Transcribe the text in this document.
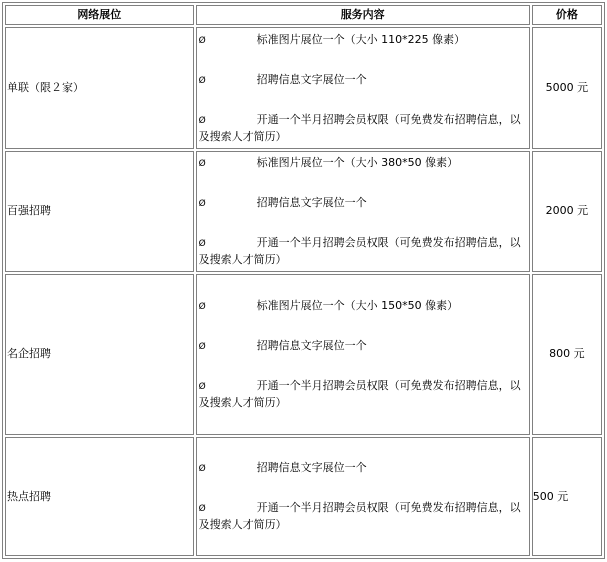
网络展位	服务内容	价格
单联（限２家）	Ø 标准图片展位一个（大小 110*225 像素）
Ø 招聘信息文字展位一个
Ø 开通一个半月招聘会员权限（可免费发布招聘信息，以及搜索人才简历）	5000 元
百强招聘	Ø 标准图片展位一个（大小 380*50 像素）
Ø 招聘信息文字展位一个
Ø 开通一个半月招聘会员权限（可免费发布招聘信息，以及搜索人才简历）	2000 元
名企招聘	Ø 标准图片展位一个（大小 150*50 像素）
Ø 招聘信息文字展位一个
Ø 开通一个半月招聘会员权限（可免费发布招聘信息，以及搜索人才简历）	800 元
热点招聘	Ø 招聘信息文字展位一个
Ø 开通一个半月招聘会员权限（可免费发布招聘信息，以及搜索人才简历）	500 元
